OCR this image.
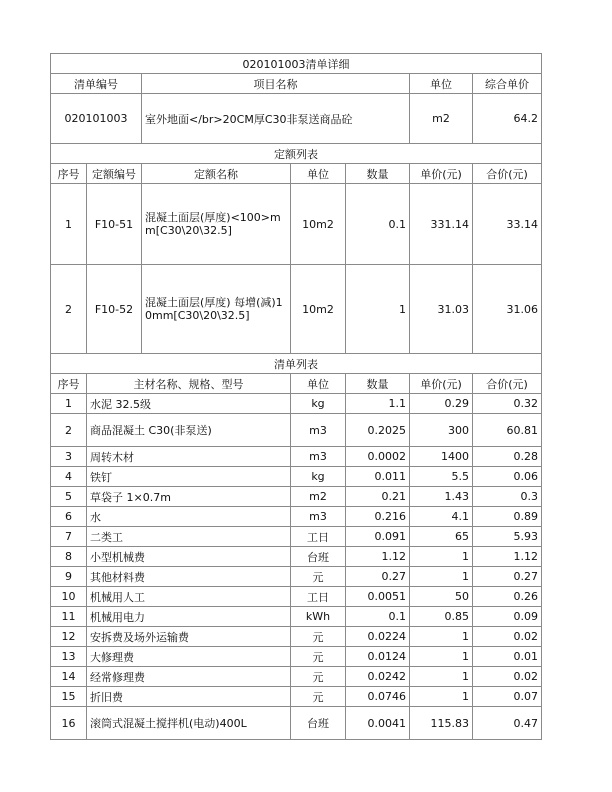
020101003清单详细						
清单编号		项目名称			单位	综合单价
020101003		室外地面</br>20CM厚C30非泵送商品砼			m2	64.2
定额列表						
序号	定额编号	定额名称	单位	数量	单价(元)	合价(元)
1	F10-51	混凝土面层(厚度)<100>mm[C30\20\32.5]	10m2	0.1	331.14	33.14
2	F10-52	混凝土面层(厚度) 每增(减)10mm[C30\20\32.5]	10m2	1	31.03	31.06
清单列表						
序号	主材名称、规格、型号		单位	数量	单价(元)	合价(元)
1	水泥 32.5级		kg	1.1	0.29	0.32
2	商品混凝土 C30(非泵送)		m3	0.2025	300	60.81
3	周转木材		m3	0.0002	1400	0.28
4	铁钉		kg	0.011	5.5	0.06
5	草袋子 1×0.7m		m2	0.21	1.43	0.3
6	水		m3	0.216	4.1	0.89
7	二类工		工日	0.091	65	5.93
8	小型机械费		台班	1.12	1	1.12
9	其他材料费		元	0.27	1	0.27
10	机械用人工		工日	0.0051	50	0.26
11	机械用电力		kWh	0.1	0.85	0.09
12	安拆费及场外运输费		元	0.0224	1	0.02
13	大修理费		元	0.0124	1	0.01
14	经常修理费		元	0.0242	1	0.02
15	折旧费		元	0.0746	1	0.07
16	滚筒式混凝土搅拌机(电动)400L		台班	0.0041	115.83	0.47
